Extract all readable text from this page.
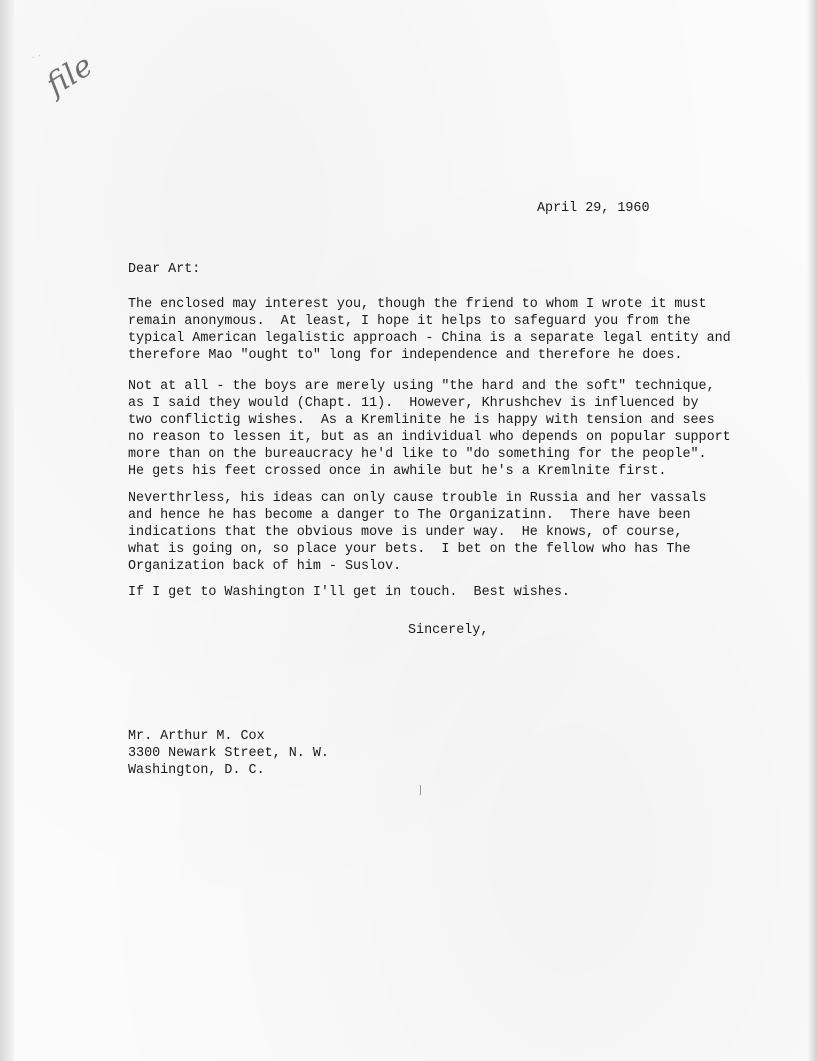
..
file
April 29, 1960
Dear Art:
The enclosed may interest you, though the friend to whom I wrote it must
remain anonymous.  At least, I hope it helps to safeguard you from the
typical American legalistic approach - China is a separate legal entity and
therefore Mao "ought to" long for independence and therefore he does.
Not at all - the boys are merely using "the hard and the soft" technique,
as I said they would (Chapt. 11).  However, Khrushchev is influenced by
two conflictig wishes.  As a Kremlinite he is happy with tension and sees
no reason to lessen it, but as an individual who depends on popular support
more than on the bureaucracy he'd like to "do something for the people".
He gets his feet crossed once in awhile but he's a Kremlnite first.
Neverthrless, his ideas can only cause trouble in Russia and her vassals
and hence he has become a danger to The Organizatinn.  There have been
indications that the obvious move is under way.  He knows, of course,
what is going on, so place your bets.  I bet on the fellow who has The
Organization back of him - Suslov.
If I get to Washington I'll get in touch.  Best wishes.
Sincerely,
Mr. Arthur M. Cox
3300 Newark Street, N. W.
Washington, D. C.
